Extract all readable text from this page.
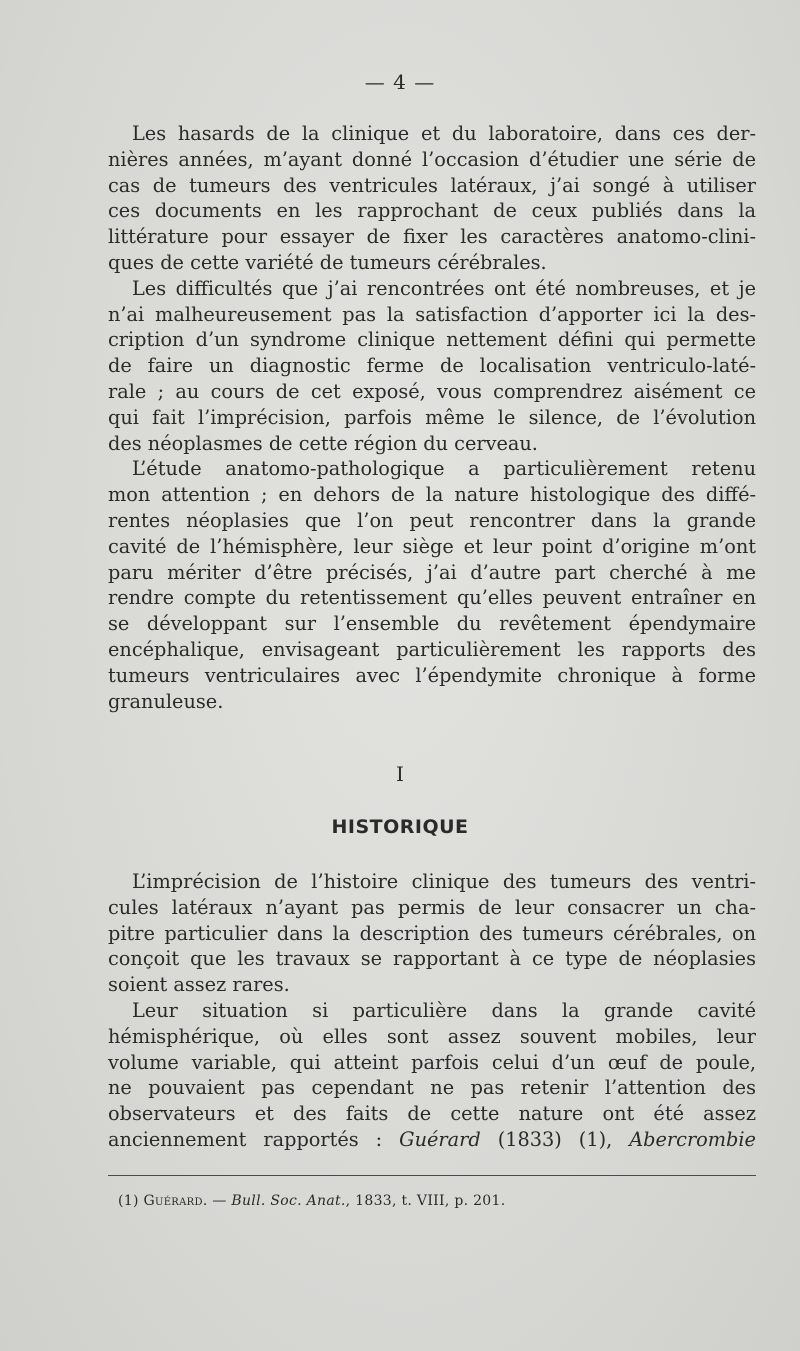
— 4 —
Les hasards de la clinique et du laboratoire, dans ces der-
nières années, m’ayant donné l’occasion d’étudier une série de
cas de tumeurs des ventricules latéraux, j’ai songé à utiliser
ces documents en les rapprochant de ceux publiés dans la
littérature pour essayer de fixer les caractères anatomo-clini-
ques de cette variété de tumeurs cérébrales.
Les difficultés que j’ai rencontrées ont été nombreuses, et je
n’ai malheureusement pas la satisfaction d’apporter ici la des-
cription d’un syndrome clinique nettement défini qui permette
de faire un diagnostic ferme de localisation ventriculo-laté-
rale ; au cours de cet exposé, vous comprendrez aisément ce
qui fait l’imprécision, parfois même le silence, de l’évolution
des néoplasmes de cette région du cerveau.
L’étude anatomo-pathologique a particulièrement retenu
mon attention ; en dehors de la nature histologique des diffé-
rentes néoplasies que l’on peut rencontrer dans la grande
cavité de l’hémisphère, leur siège et leur point d’origine m’ont
paru mériter d’être précisés, j’ai d’autre part cherché à me
rendre compte du retentissement qu’elles peuvent entraîner en
se développant sur l’ensemble du revêtement épendymaire
encéphalique, envisageant particulièrement les rapports des
tumeurs ventriculaires avec l’épendymite chronique à forme
granuleuse.
I
HISTORIQUE
L’imprécision de l’histoire clinique des tumeurs des ventri-
cules latéraux n’ayant pas permis de leur consacrer un cha-
pitre particulier dans la description des tumeurs cérébrales, on
conçoit que les travaux se rapportant à ce type de néoplasies
soient assez rares.
Leur situation si particulière dans la grande cavité
hémisphérique, où elles sont assez souvent mobiles, leur
volume variable, qui atteint parfois celui d’un œuf de poule,
ne pouvaient pas cependant ne pas retenir l’attention des
observateurs et des faits de cette nature ont été assez
anciennement rapportés : Guérard (1833) (1), Abercrombie
(1) Guérard. — Bull. Soc. Anat., 1833, t. VIII, p. 201.
